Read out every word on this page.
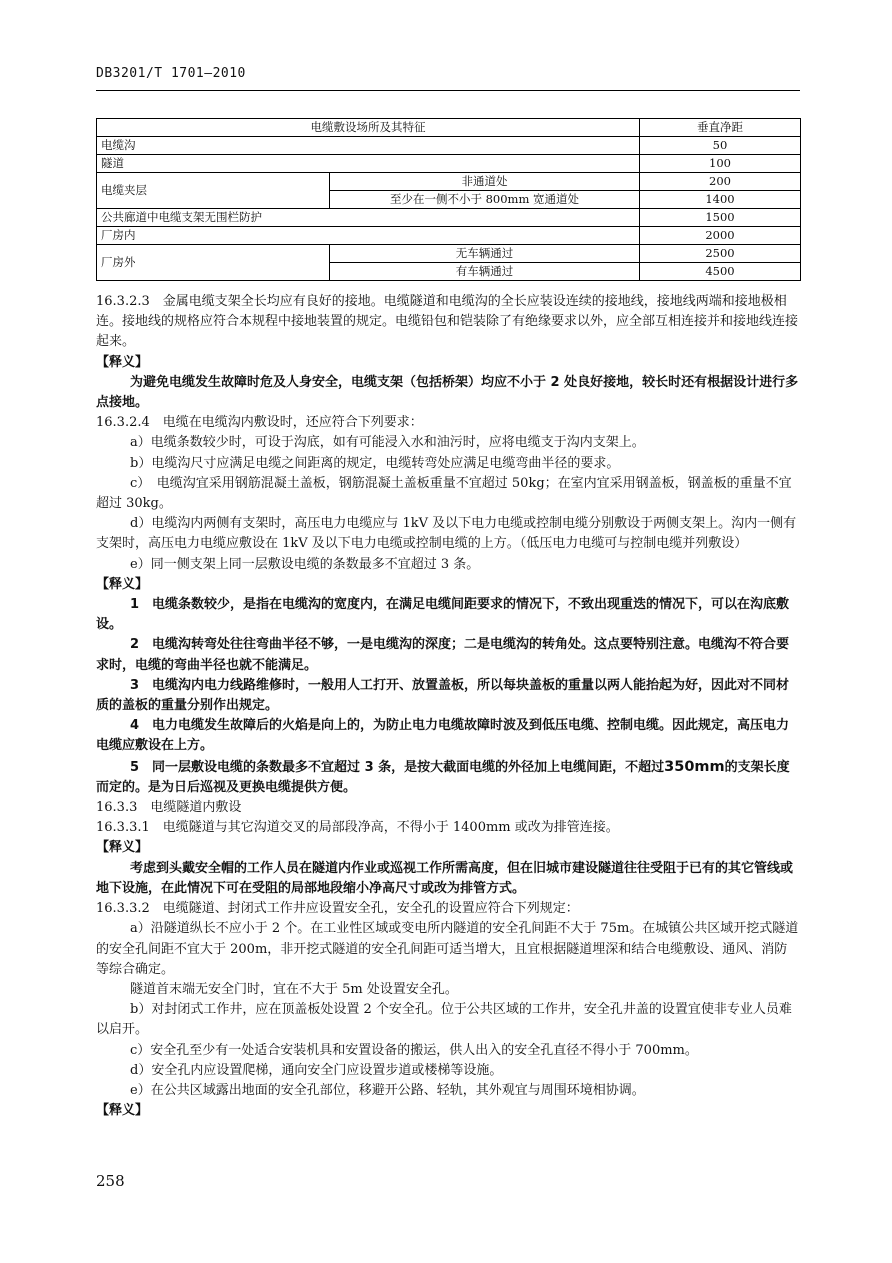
DB3201/T 1701—2010
电缆敷设场所及其特征		垂直净距
电缆沟		50
隧道		100
电缆夹层	非通道处	200
	至少在一侧不小于 800mm 宽通道处	1400
公共廊道中电缆支架无围栏防护		1500
厂房内		2000
厂房外	无车辆通过	2500
	有车辆通过	4500

16.3.2.3　金属电缆支架全长均应有良好的接地。电缆隧道和电缆沟的全长应装设连续的接地线，接地线两端和接地极相连。接地线的规格应符合本规程中接地装置的规定。电缆铅包和铠装除了有绝缘要求以外，应全部互相连接并和接地线连接起来。

【释义】

为避免电缆发生故障时危及人身安全，电缆支架（包括桥架）均应不小于 2 处良好接地，较长时还有根据设计进行多点接地。

16.3.2.4　电缆在电缆沟内敷设时，还应符合下列要求：

a）电缆条数较少时，可设于沟底，如有可能浸入水和油污时，应将电缆支于沟内支架上。

b）电缆沟尺寸应满足电缆之间距离的规定，电缆转弯处应满足电缆弯曲半径的要求。

c）　电缆沟宜采用钢筋混凝土盖板，钢筋混凝土盖板重量不宜超过 50kg；在室内宜采用钢盖板，钢盖板的重量不宜超过 30kg。

d）电缆沟内两侧有支架时，高压电力电缆应与 1kV 及以下电力电缆或控制电缆分别敷设于两侧支架上。沟内一侧有支架时，高压电力电缆应敷设在 1kV 及以下电力电缆或控制电缆的上方。（低压电力电缆可与控制电缆并列敷设）

e）同一侧支架上同一层敷设电缆的条数最多不宜超过 3 条。

【释义】

1　电缆条数较少，是指在电缆沟的宽度内，在满足电缆间距要求的情况下，不致出现重迭的情况下，可以在沟底敷设。

2　电缆沟转弯处往往弯曲半径不够，一是电缆沟的深度；二是电缆沟的转角处。这点要特别注意。电缆沟不符合要求时，电缆的弯曲半径也就不能满足。

3　电缆沟内电力线路维修时，一般用人工打开、放置盖板，所以每块盖板的重量以两人能抬起为好，因此对不同材质的盖板的重量分别作出规定。

4　电力电缆发生故障后的火焰是向上的，为防止电力电缆故障时波及到低压电缆、控制电缆。因此规定，高压电力电缆应敷设在上方。

5　同一层敷设电缆的条数最多不宜超过 3 条，是按大截面电缆的外径加上电缆间距，不超过350mm的支架长度而定的。是为日后巡视及更换电缆提供方便。

16.3.3　电缆隧道内敷设

16.3.3.1　电缆隧道与其它沟道交叉的局部段净高，不得小于 1400mm 或改为排管连接。

【释义】

考虑到头戴安全帽的工作人员在隧道内作业或巡视工作所需高度，但在旧城市建设隧道往往受阻于已有的其它管线或地下设施，在此情况下可在受阻的局部地段缩小净高尺寸或改为排管方式。

16.3.3.2　电缆隧道、封闭式工作井应设置安全孔，安全孔的设置应符合下列规定：

a）沿隧道纵长不应小于 2 个。在工业性区域或变电所内隧道的安全孔间距不大于 75m。在城镇公共区域开挖式隧道的安全孔间距不宜大于 200m，非开挖式隧道的安全孔间距可适当增大，且宜根据隧道埋深和结合电缆敷设、通风、消防等综合确定。

隧道首末端无安全门时，宜在不大于 5m 处设置安全孔。

b）对封闭式工作井，应在顶盖板处设置 2 个安全孔。位于公共区域的工作井，安全孔井盖的设置宜使非专业人员难以启开。

c）安全孔至少有一处适合安装机具和安置设备的搬运，供人出入的安全孔直径不得小于 700mm。

d）安全孔内应设置爬梯，通向安全门应设置步道或楼梯等设施。

e）在公共区域露出地面的安全孔部位，移避开公路、轻轨，其外观宜与周围环境相协调。

【释义】

258
